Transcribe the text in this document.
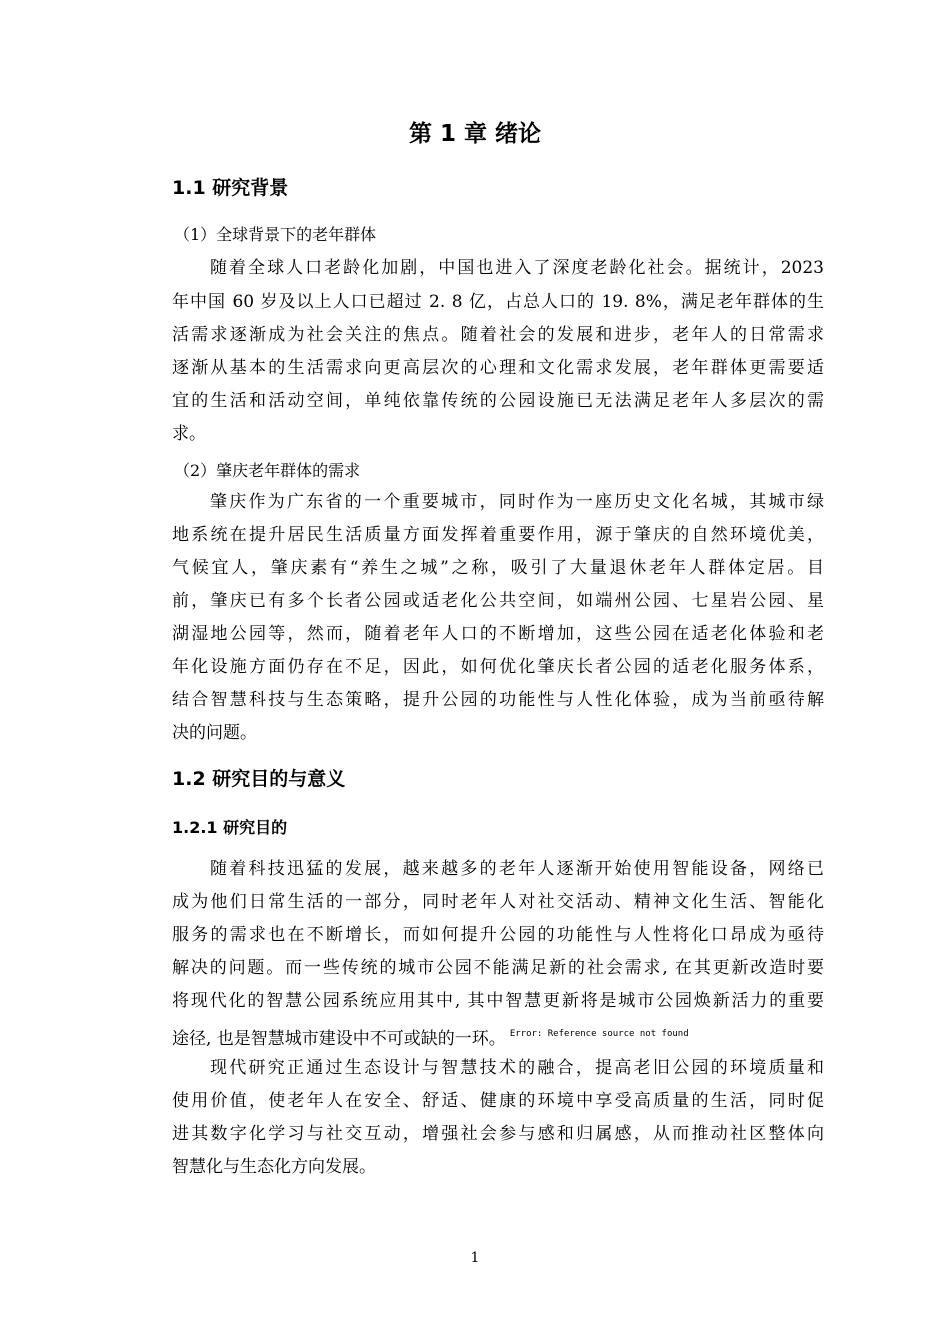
第 1 章 绪论
1.1 研究背景
（1）全球背景下的老年群体
随着全球人口老龄化加剧，中国也进入了深度老龄化社会。据统计，2023
年中国 60 岁及以上人口已超过 2. 8 亿，占总人口的 19. 8%，满足老年群体的生
活需求逐渐成为社会关注的焦点。随着社会的发展和进步，老年人的日常需求
逐渐从基本的生活需求向更高层次的心理和文化需求发展，老年群体更需要适
宜的生活和活动空间，单纯依靠传统的公园设施已无法满足老年人多层次的需
求。
（2）肇庆老年群体的需求
肇庆作为广东省的一个重要城市，同时作为一座历史文化名城，其城市绿
地系统在提升居民生活质量方面发挥着重要作用，源于肇庆的自然环境优美，
气候宜人，肇庆素有“养生之城”之称，吸引了大量退休老年人群体定居。目
前，肇庆已有多个长者公园或适老化公共空间，如端州公园、七星岩公园、星
湖湿地公园等，然而，随着老年人口的不断增加，这些公园在适老化体验和老
年化设施方面仍存在不足，因此，如何优化肇庆长者公园的适老化服务体系，
结合智慧科技与生态策略，提升公园的功能性与人性化体验，成为当前亟待解
决的问题。
1.2 研究目的与意义
1.2.1 研究目的
随着科技迅猛的发展，越来越多的老年人逐渐开始使用智能设备，网络已
成为他们日常生活的一部分，同时老年人对社交活动、精神文化生活、智能化
服务的需求也在不断增长，而如何提升公园的功能性与人性将化口昂成为亟待
解决的问题。而一些传统的城市公园不能满足新的社会需求, 在其更新改造时要
将现代化的智慧公园系统应用其中, 其中智慧更新将是城市公园焕新活力的重要
途径, 也是智慧城市建设中不可或缺的一环。 $^{Error: Reference source not found}$
现代研究正通过生态设计与智慧技术的融合，提高老旧公园的环境质量和
使用价值，使老年人在安全、舒适、健康的环境中享受高质量的生活，同时促
进其数字化学习与社交互动，增强社会参与感和归属感，从而推动社区整体向
智慧化与生态化方向发展。
1
